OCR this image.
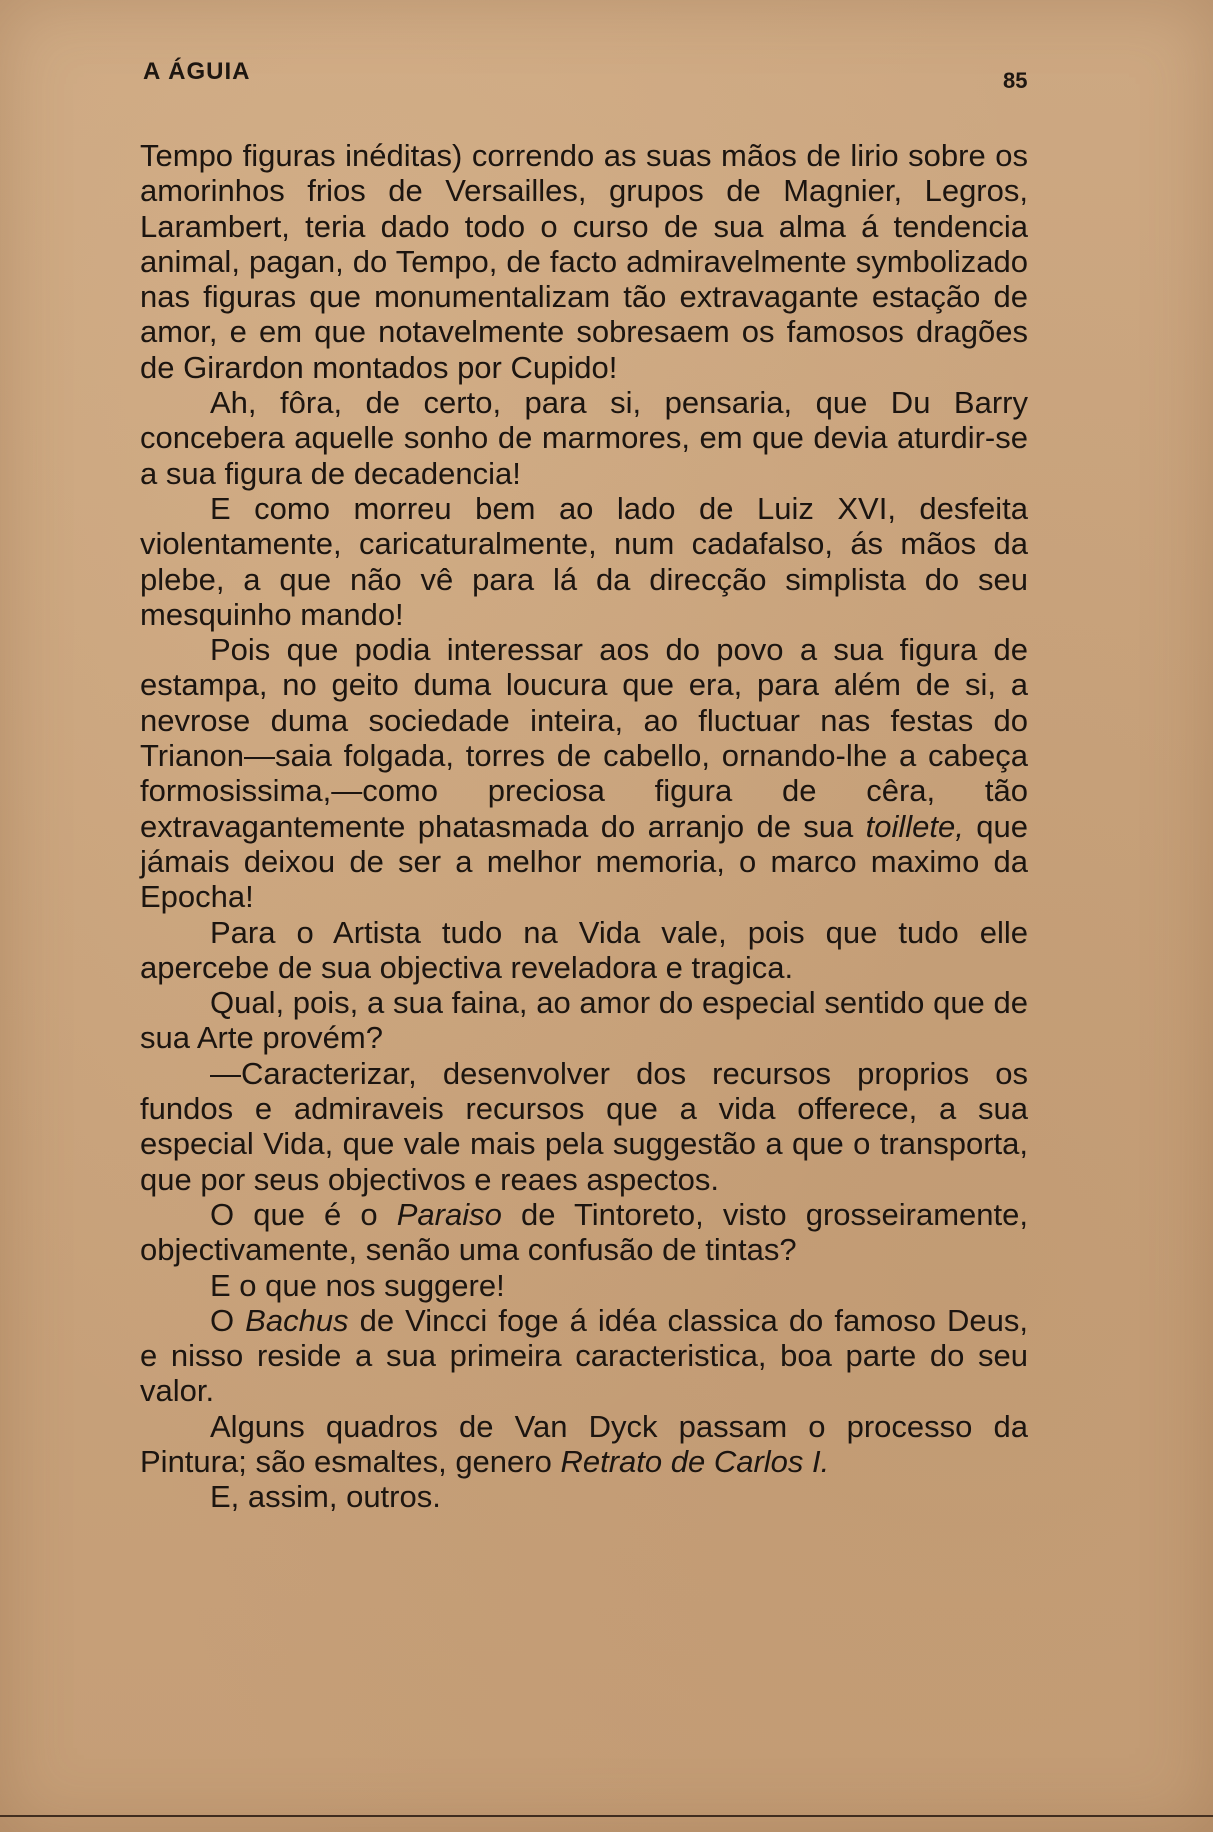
A ÁGUIA	85

Tempo figuras inéditas) correndo as suas mãos de lirio sobre os amorinhos frios de Versailles, grupos de Magnier, Legros, Larambert, teria dado todo o curso de sua alma á tendencia animal, pagan, do Tempo, de facto admiravelmente symbolizado nas figuras que monumentalizam tão extravagante estação de amor, e em que notavelmente sobresaem os famosos dragões de Girardon montados por Cupido!

Ah, fôra, de certo, para si, pensaria, que Du Barry concebera aquelle sonho de marmores, em que devia aturdir-se a sua figura de decadencia!

E como morreu bem ao lado de Luiz XVI, desfeita violentamente, caricaturalmente, num cadafalso, ás mãos da plebe, a que não vê para lá da direcção simplista do seu mesquinho mando!

Pois que podia interessar aos do povo a sua figura de estampa, no geito duma loucura que era, para além de si, a nevrose duma sociedade inteira, ao fluctuar nas festas do Trianon—saia folgada, torres de cabello, ornando-lhe a cabeça formosissima,—como preciosa figura de cêra, tão extravagantemente phatasmada do arranjo de sua toillete, que jámais deixou de ser a melhor memoria, o marco maximo da Epocha!

Para o Artista tudo na Vida vale, pois que tudo elle apercebe de sua objectiva reveladora e tragica.

Qual, pois, a sua faina, ao amor do especial sentido que de sua Arte provém?

—Caracterizar, desenvolver dos recursos proprios os fundos e admiraveis recursos que a vida offerece, a sua especial Vida, que vale mais pela suggestão a que o transporta, que por seus objectivos e reaes aspectos.

O que é o Paraiso de Tintoreto, visto grosseiramente, objectivamente, senão uma confusão de tintas?

E o que nos suggere!

O Bachus de Vincci foge á idéa classica do famoso Deus, e nisso reside a sua primeira caracteristica, boa parte do seu valor.

Alguns quadros de Van Dyck passam o processo da Pintura; são esmaltes, genero Retrato de Carlos I.

E, assim, outros.
